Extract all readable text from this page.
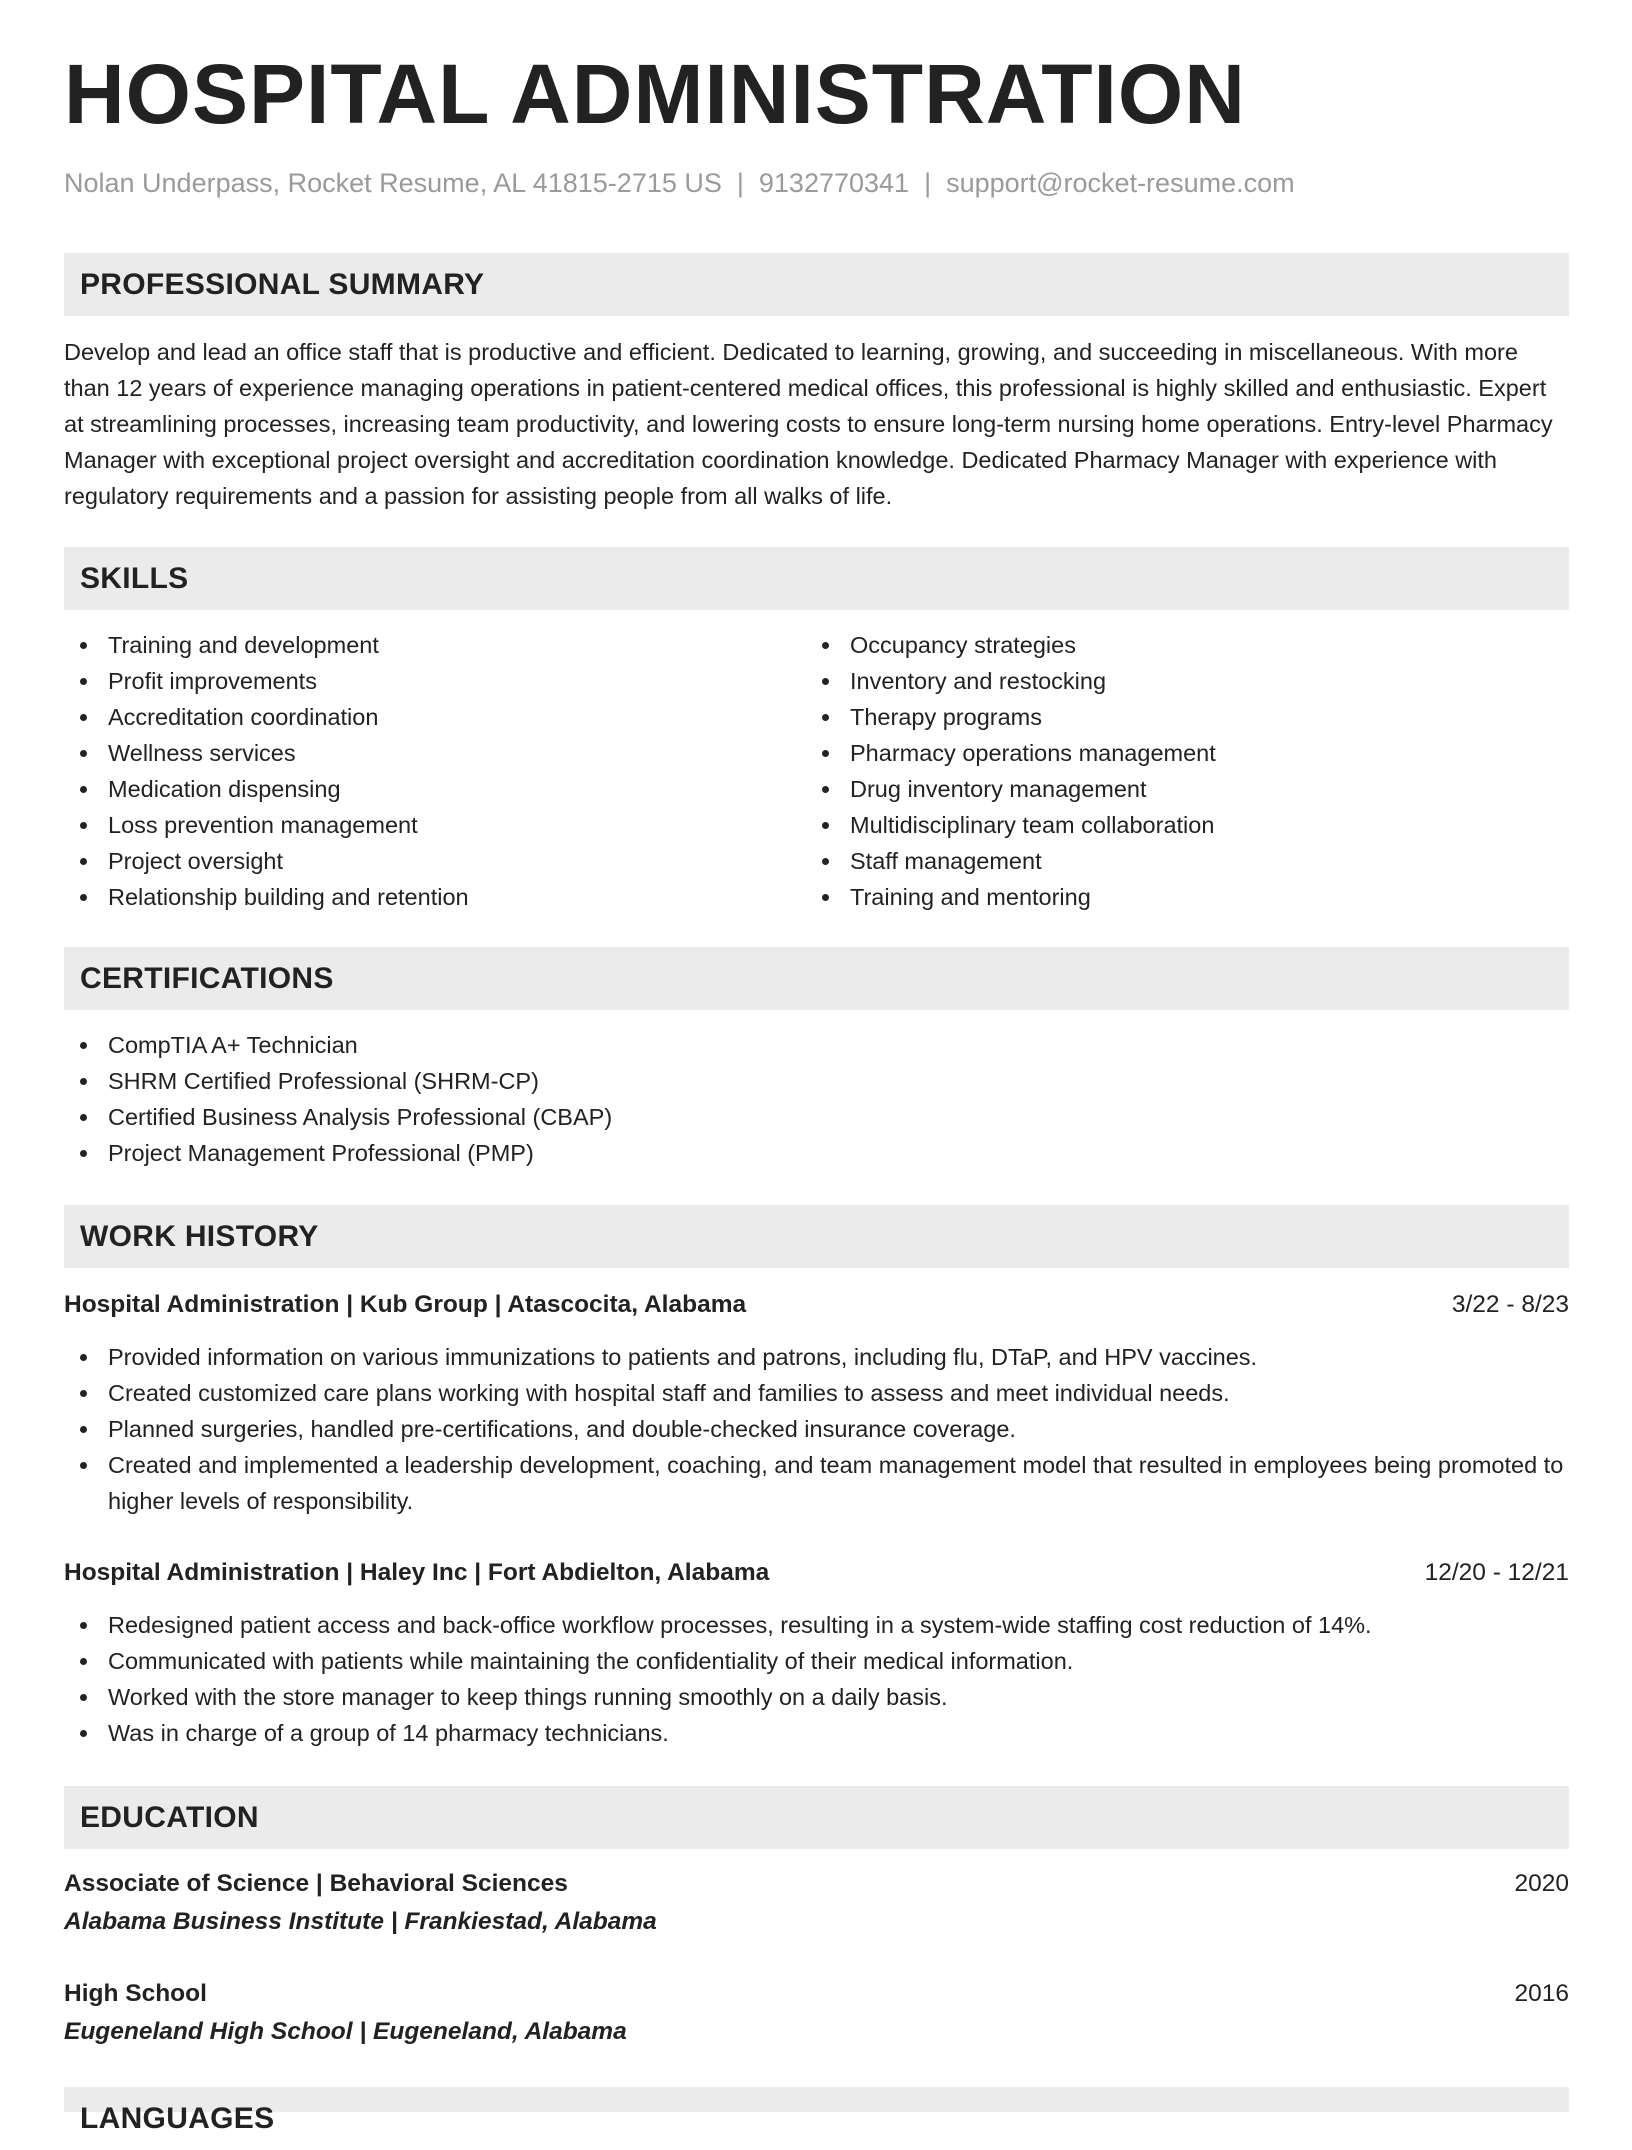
HOSPITAL ADMINISTRATION
Nolan Underpass, Rocket Resume, AL 41815-2715 US | 9132770341 | support@rocket-resume.com
PROFESSIONAL SUMMARY
Develop and lead an office staff that is productive and efficient. Dedicated to learning, growing, and succeeding in miscellaneous. With more than 12 years of experience managing operations in patient-centered medical offices, this professional is highly skilled and enthusiastic. Expert at streamlining processes, increasing team productivity, and lowering costs to ensure long-term nursing home operations. Entry-level Pharmacy Manager with exceptional project oversight and accreditation coordination knowledge. Dedicated Pharmacy Manager with experience with regulatory requirements and a passion for assisting people from all walks of life.
SKILLS
Training and development
Profit improvements
Accreditation coordination
Wellness services
Medication dispensing
Loss prevention management
Project oversight
Relationship building and retention
Occupancy strategies
Inventory and restocking
Therapy programs
Pharmacy operations management
Drug inventory management
Multidisciplinary team collaboration
Staff management
Training and mentoring
CERTIFICATIONS
CompTIA A+ Technician
SHRM Certified Professional (SHRM-CP)
Certified Business Analysis Professional (CBAP)
Project Management Professional (PMP)
WORK HISTORY
Hospital Administration | Kub Group | Atascocita, Alabama	3/22 - 8/23
Provided information on various immunizations to patients and patrons, including flu, DTaP, and HPV vaccines.
Created customized care plans working with hospital staff and families to assess and meet individual needs.
Planned surgeries, handled pre-certifications, and double-checked insurance coverage.
Created and implemented a leadership development, coaching, and team management model that resulted in employees being promoted to higher levels of responsibility.
Hospital Administration | Haley Inc | Fort Abdielton, Alabama	12/20 - 12/21
Redesigned patient access and back-office workflow processes, resulting in a system-wide staffing cost reduction of 14%.
Communicated with patients while maintaining the confidentiality of their medical information.
Worked with the store manager to keep things running smoothly on a daily basis.
Was in charge of a group of 14 pharmacy technicians.
EDUCATION
Associate of Science | Behavioral Sciences	2020
Alabama Business Institute | Frankiestad, Alabama
High School	2016
Eugeneland High School | Eugeneland, Alabama
LANGUAGES
